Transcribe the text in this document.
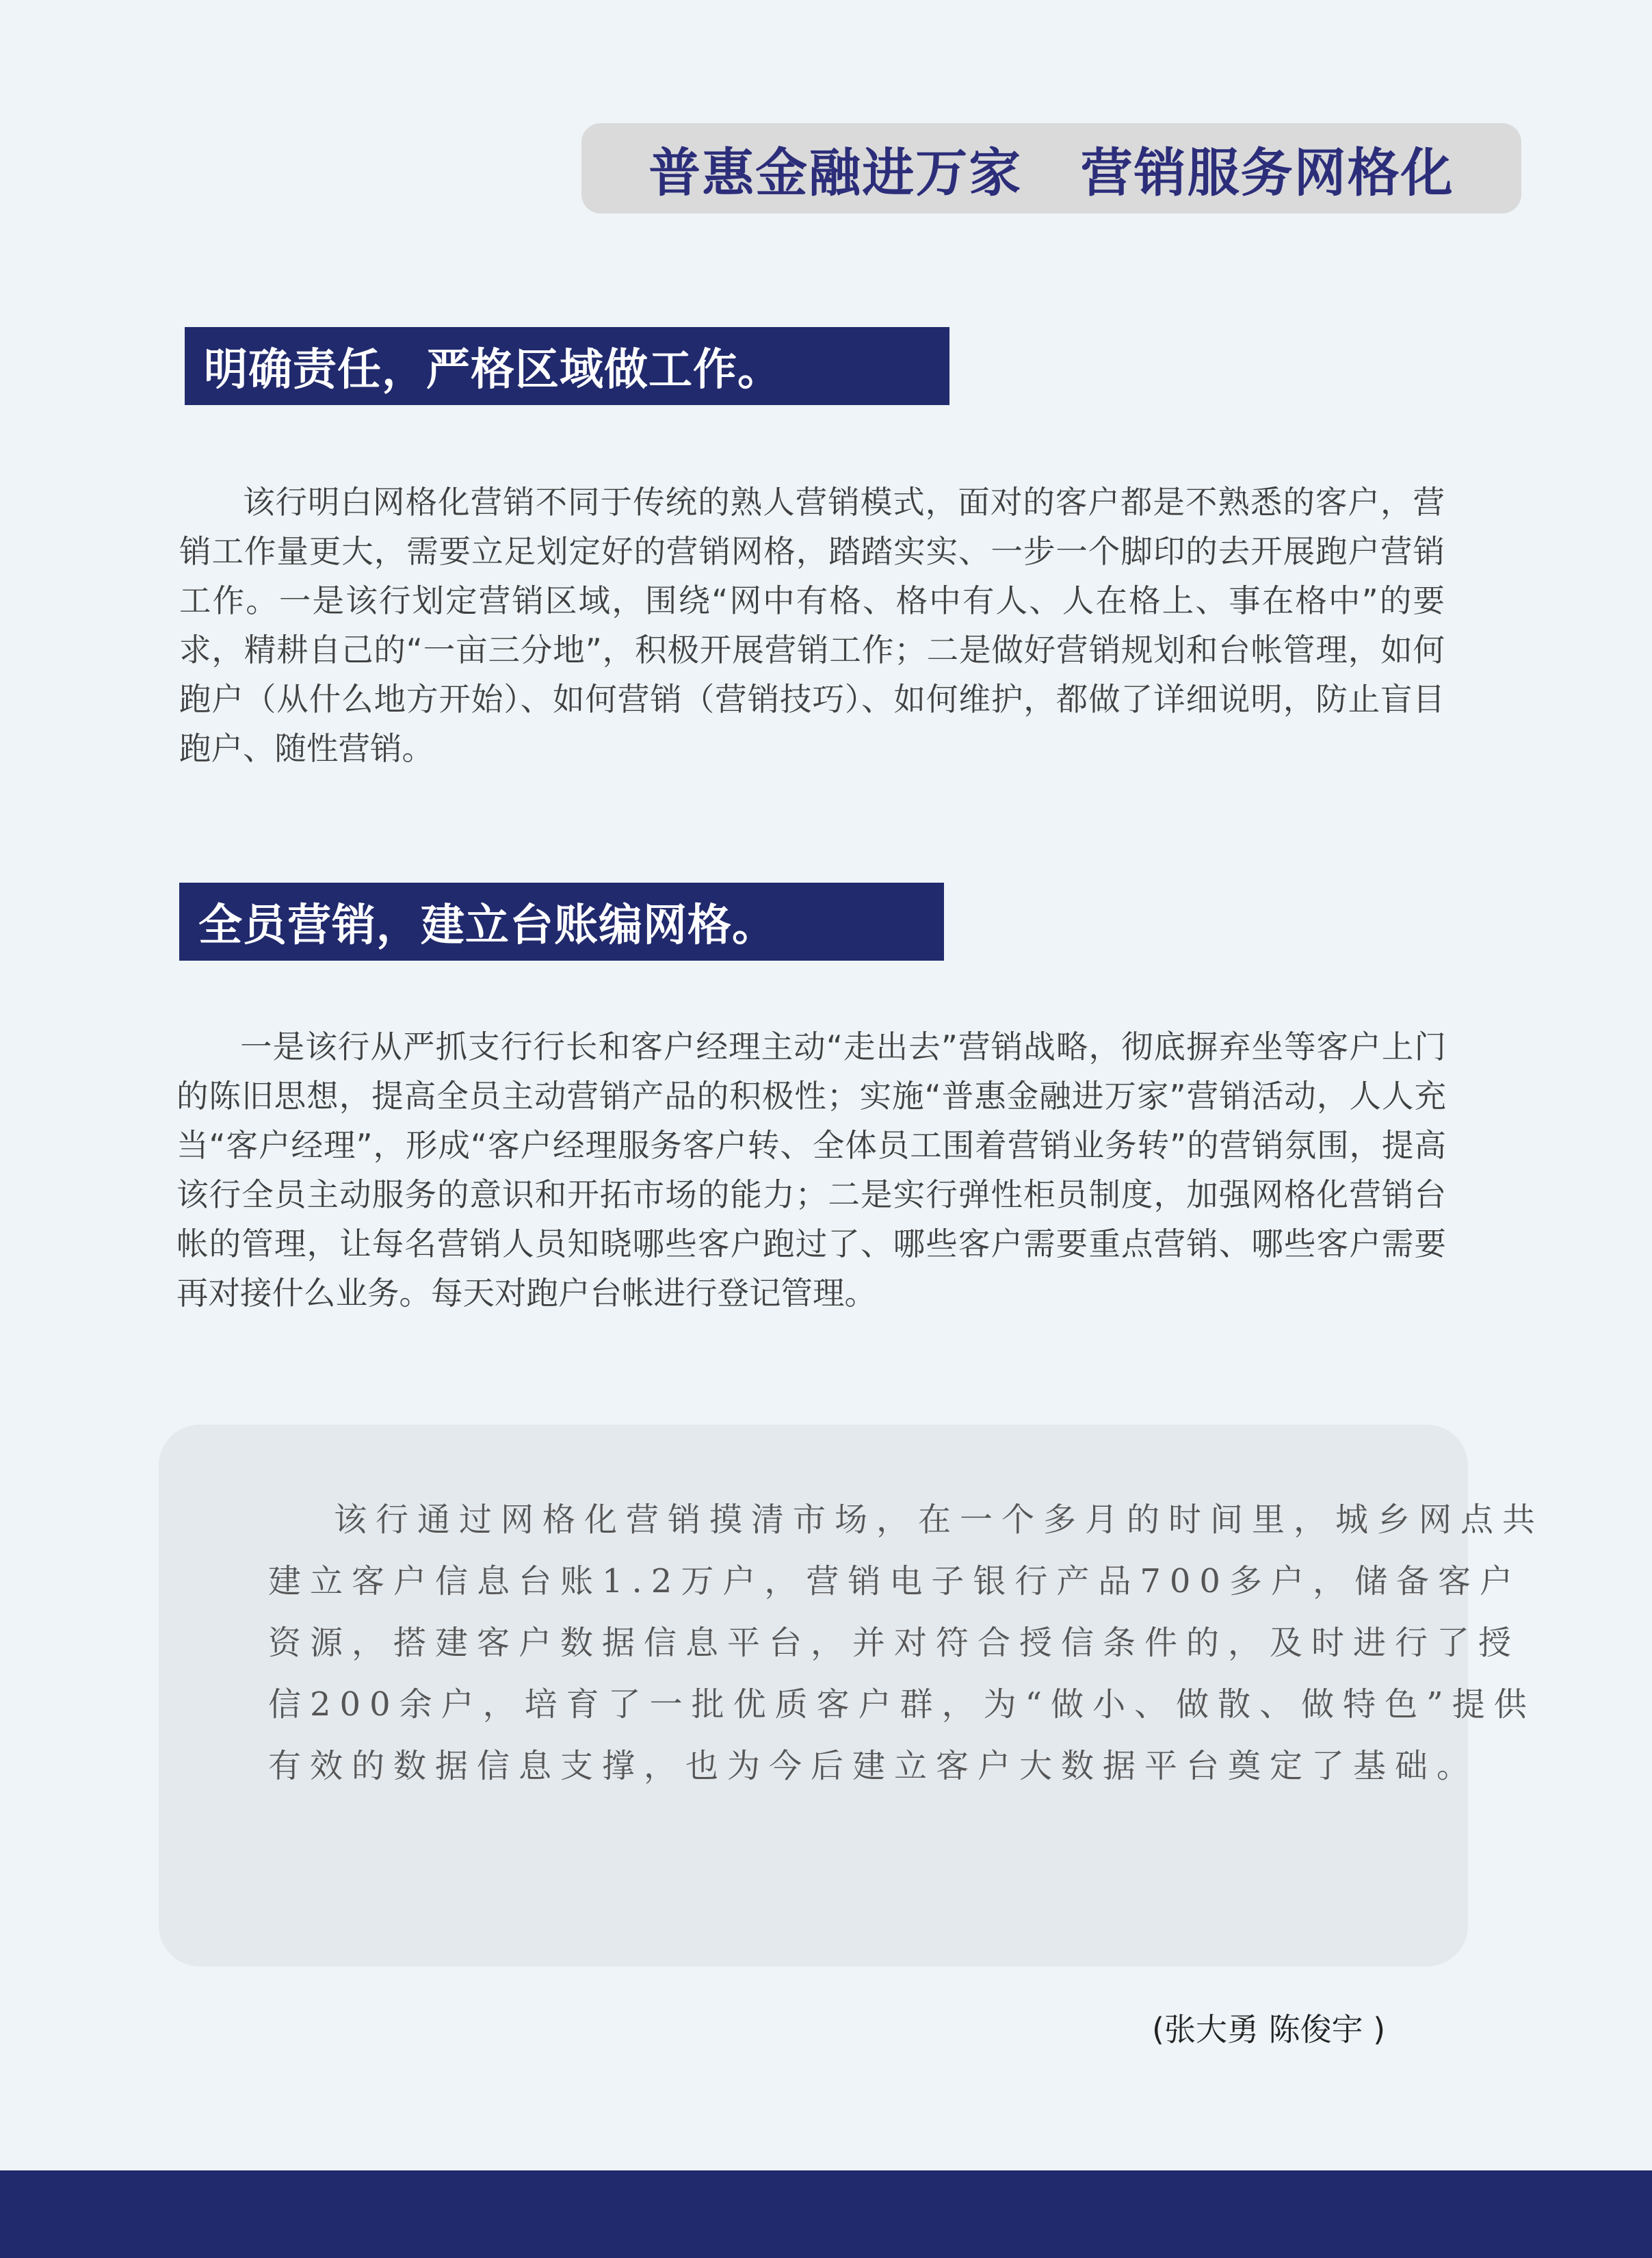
普惠金融进万家   营销服务网格化
明确责任，严格区域做工作。

该行明白网格化营销不同于传统的熟人营销模式，面对的客户都是不熟悉的客户，营销工作量更大，需要立足划定好的营销网格，踏踏实实、一步一个脚印的去开展跑户营销工作。一是该行划定营销区域，围绕“网中有格、格中有人、人在格上、事在格中”的要求，精耕自己的“一亩三分地”，积极开展营销工作；二是做好营销规划和台帐管理，如何跑户（从什么地方开始）、如何营销（营销技巧）、如何维护，都做了详细说明，防止盲目跑户、随性营销。

全员营销，建立台账编网格。

一是该行从严抓支行行长和客户经理主动“走出去”营销战略，彻底摒弃坐等客户上门的陈旧思想，提高全员主动营销产品的积极性；实施“普惠金融进万家”营销活动，人人充当“客户经理”，形成“客户经理服务客户转、全体员工围着营销业务转”的营销氛围，提高该行全员主动服务的意识和开拓市场的能力；二是实行弹性柜员制度，加强网格化营销台帐的管理，让每名营销人员知晓哪些客户跑过了、哪些客户需要重点营销、哪些客户需要再对接什么业务。每天对跑户台帐进行登记管理。

该行通过网格化营销摸清市场，在一个多月的时间里，城乡网点共建立客户信息台账1.2万户，营销电子银行产品700多户，储备客户资源，搭建客户数据信息平台，并对符合授信条件的，及时进行了授信200余户，培育了一批优质客户群，为“做小、做散、做特色”提供有效的数据信息支撑，也为今后建立客户大数据平台奠定了基础。

(张大勇 陈俊宇 )
